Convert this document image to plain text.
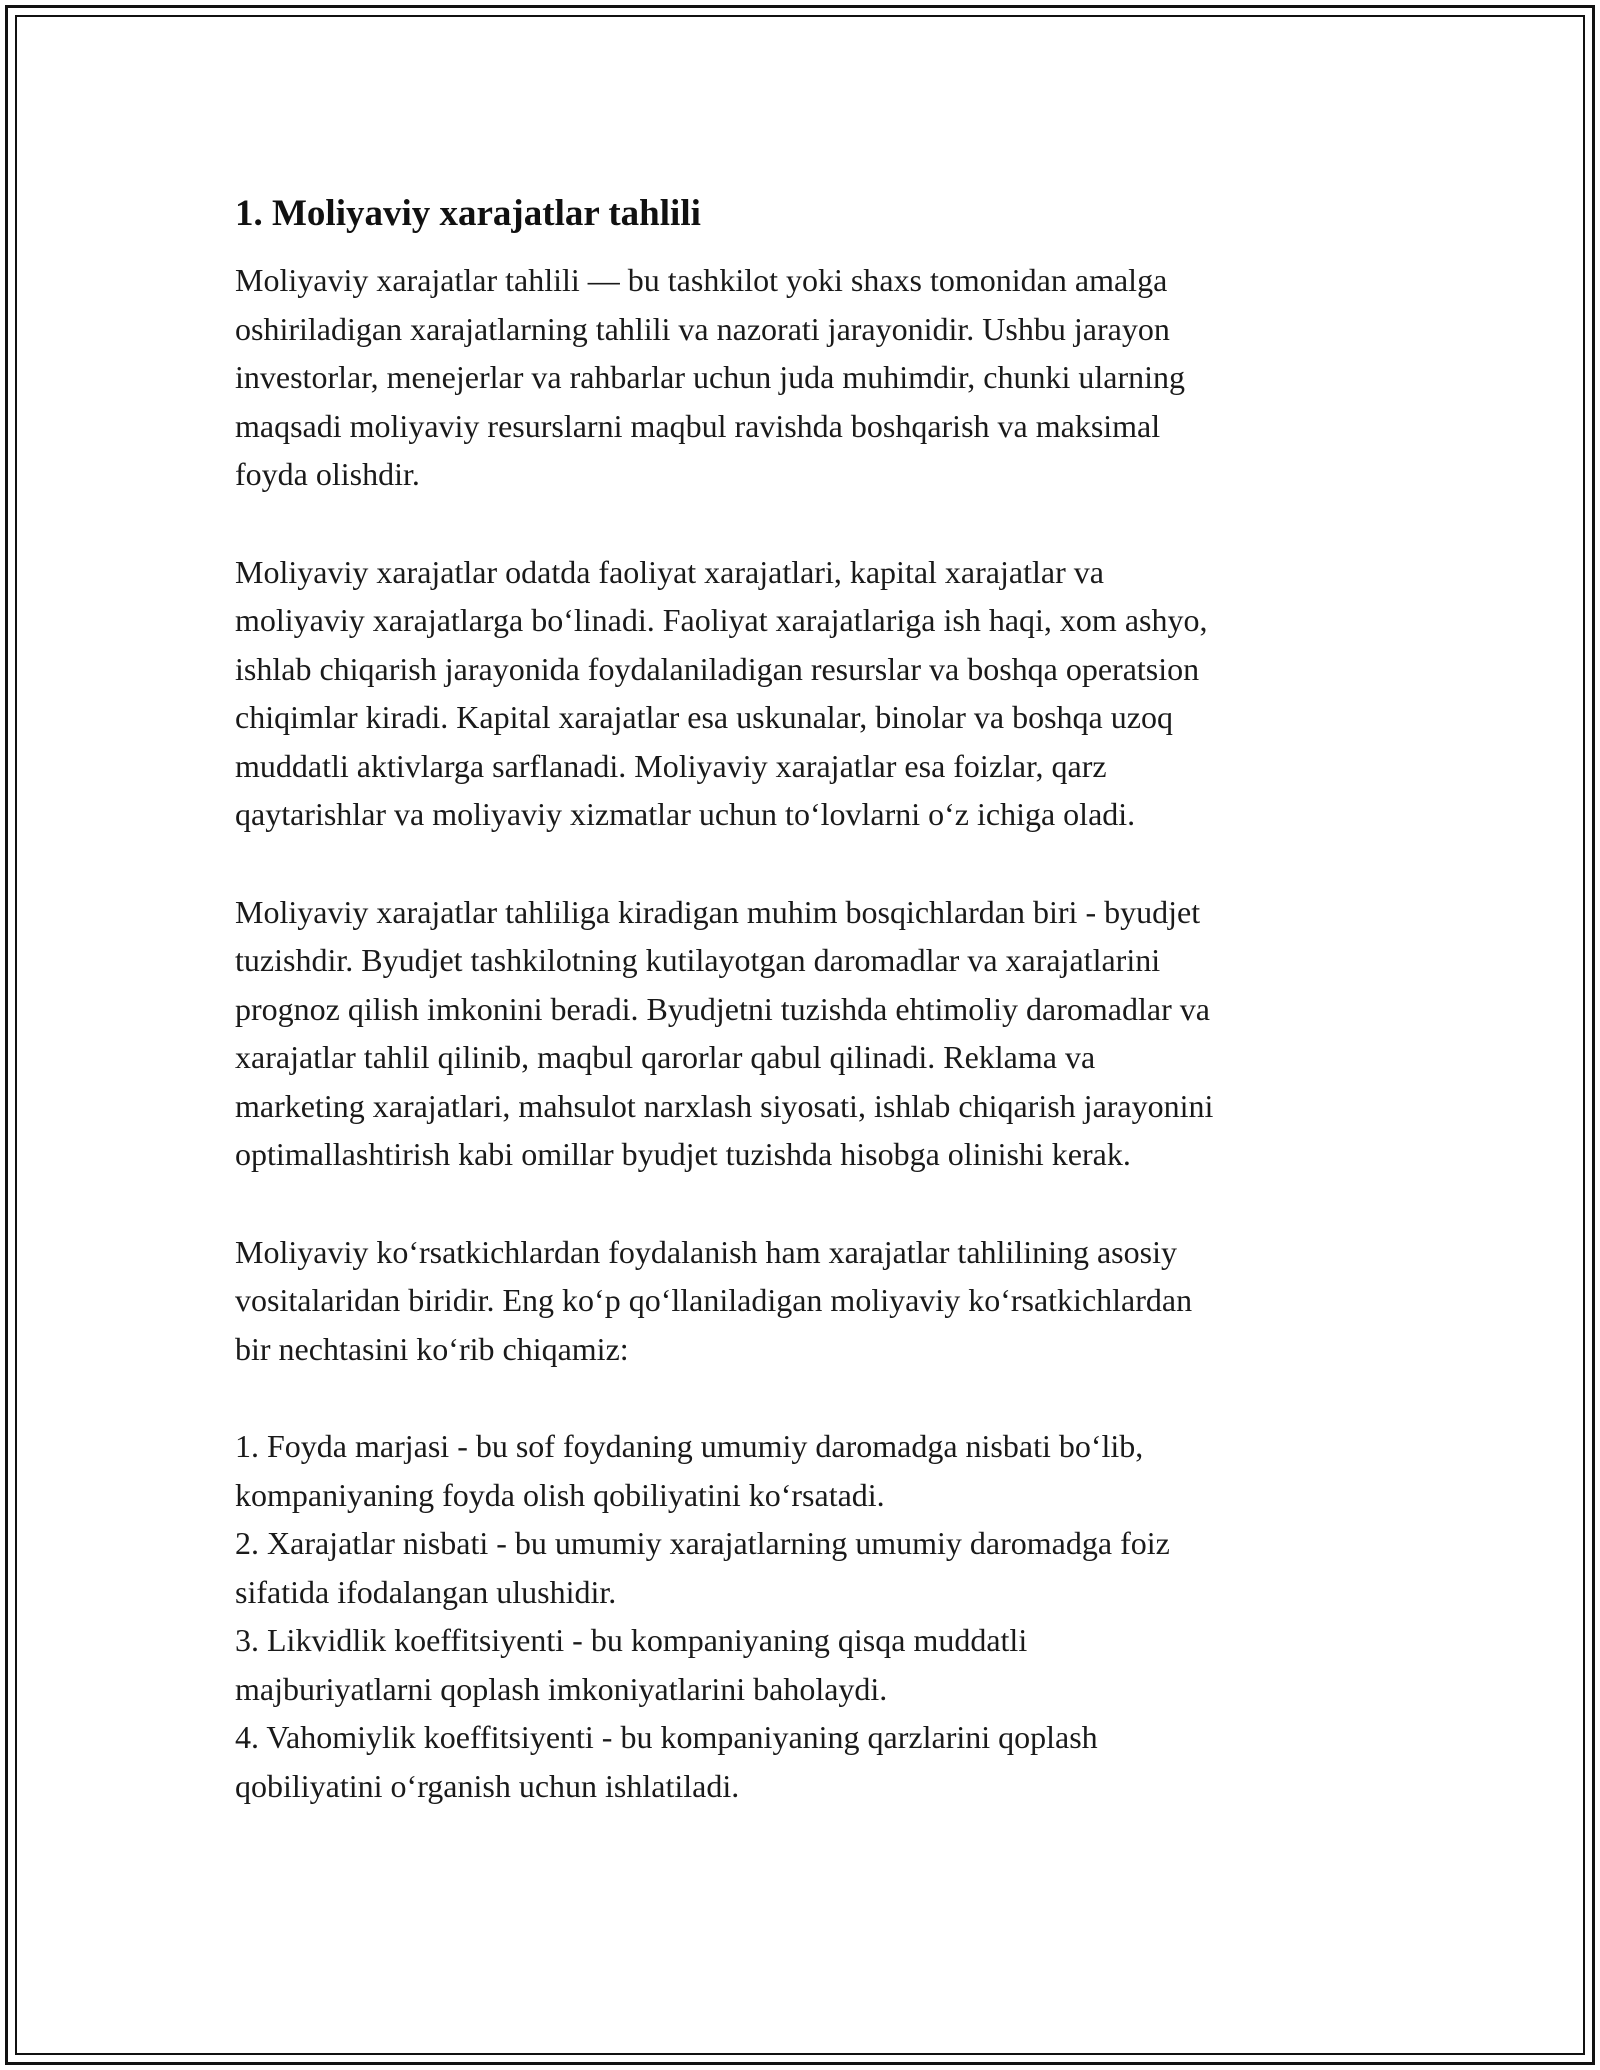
1. Moliyaviy xarajatlar tahlili

Moliyaviy xarajatlar tahlili — bu tashkilot yoki shaxs tomonidan amalga
oshiriladigan xarajatlarning tahlili va nazorati jarayonidir. Ushbu jarayon
investorlar, menejerlar va rahbarlar uchun juda muhimdir, chunki ularning
maqsadi moliyaviy resurslarni maqbul ravishda boshqarish va maksimal
foyda olishdir.

Moliyaviy xarajatlar odatda faoliyat xarajatlari, kapital xarajatlar va
moliyaviy xarajatlarga bo‘linadi. Faoliyat xarajatlariga ish haqi, xom ashyo,
ishlab chiqarish jarayonida foydalaniladigan resurslar va boshqa operatsion
chiqimlar kiradi. Kapital xarajatlar esa uskunalar, binolar va boshqa uzoq
muddatli aktivlarga sarflanadi. Moliyaviy xarajatlar esa foizlar, qarz
qaytarishlar va moliyaviy xizmatlar uchun to‘lovlarni o‘z ichiga oladi.

Moliyaviy xarajatlar tahliliga kiradigan muhim bosqichlardan biri - byudjet
tuzishdir. Byudjet tashkilotning kutilayotgan daromadlar va xarajatlarini
prognoz qilish imkonini beradi. Byudjetni tuzishda ehtimoliy daromadlar va
xarajatlar tahlil qilinib, maqbul qarorlar qabul qilinadi. Reklama va
marketing xarajatlari, mahsulot narxlash siyosati, ishlab chiqarish jarayonini
optimallashtirish kabi omillar byudjet tuzishda hisobga olinishi kerak.

Moliyaviy ko‘rsatkichlardan foydalanish ham xarajatlar tahlilining asosiy
vositalaridan biridir. Eng ko‘p qo‘llaniladigan moliyaviy ko‘rsatkichlardan
bir nechtasini ko‘rib chiqamiz:

1. Foyda marjasi - bu sof foydaning umumiy daromadga nisbati bo‘lib,
kompaniyaning foyda olish qobiliyatini ko‘rsatadi.
2. Xarajatlar nisbati - bu umumiy xarajatlarning umumiy daromadga foiz
sifatida ifodalangan ulushidir.
3. Likvidlik koeffitsiyenti - bu kompaniyaning qisqa muddatli
majburiyatlarni qoplash imkoniyatlarini baholaydi.
4. Vahomiylik koeffitsiyenti - bu kompaniyaning qarzlarini qoplash
qobiliyatini o‘rganish uchun ishlatiladi.
